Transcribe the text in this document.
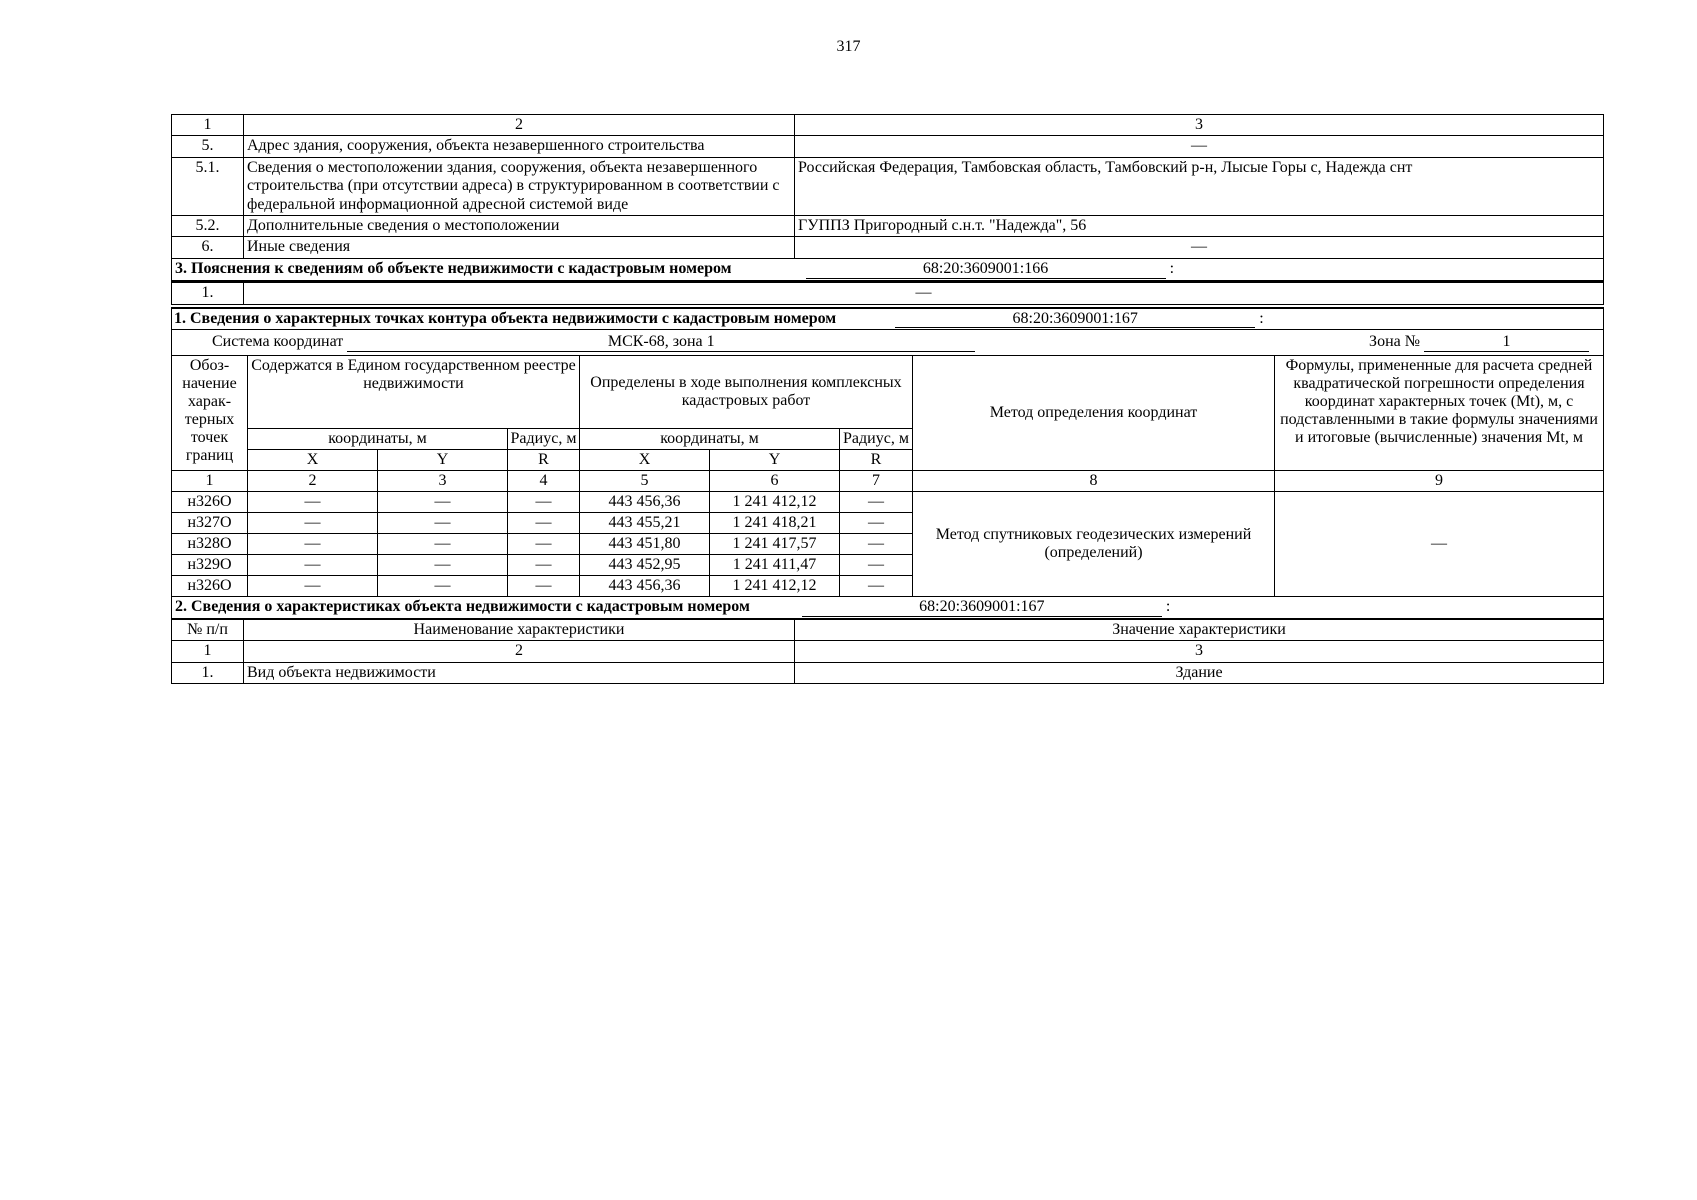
317
1	2	3
5.	Адрес здания, сооружения, объекта незавершенного строительства	—
5.1.	Сведения о местоположении здания, сооружения, объекта незавершенного строительства (при отсутствии адреса) в структурированном в соответствии с федеральной информационной адресной системой виде	Российская Федерация, Тамбовская область, Тамбовский р-н, Лысые Горы с, Надежда снт
5.2.	Дополнительные сведения о местоположении	ГУППЗ Пригородный с.н.т. "Надежда", 56
6.	Иные сведения	—
3. Пояснения к сведениям об объекте недвижимости с кадастровым номером	68:20:3609001:166	:
1.	—
1. Сведения о характерных точках контура объекта недвижимости с кадастровым номером 68:20:3609001:167 :								
Система координат МСК-68, зона 1 Зона № 1								

Обоз-начение харак-терных точек границ	Содержатся в Едином государственном реестре недвижимости			Определены в ходе выполнения комплексных кадастровых работ			Метод определения координат	Формулы, примененные для расчета средней квадратической погрешности определения координат характерных точек (Mt), м, с подставленными в такие формулы значениями и итоговые (вычисленные) значения Mt, м
	координаты, м		Радиус, м	координаты, м		Радиус, м		
	X	Y	R	X	Y	R		
1	2	3	4	5	6	7	8	9
н326О	—	—	—	443 456,36	1 241 412,12	—	Метод спутниковых геодезических измерений (определений)	—
н327О	—	—	—	443 455,21	1 241 418,21	—		
н328О	—	—	—	443 451,80	1 241 417,57	—		
н329О	—	—	—	443 452,95	1 241 411,47	—		
н326О	—	—	—	443 456,36	1 241 412,12	—		
2. Сведения о характеристиках объекта недвижимости с кадастровым номером 68:20:3609001:167 :		
№ п/п	Наименование характеристики	Значение характеристики
1	2	3
1.	Вид объекта недвижимости	Здание
